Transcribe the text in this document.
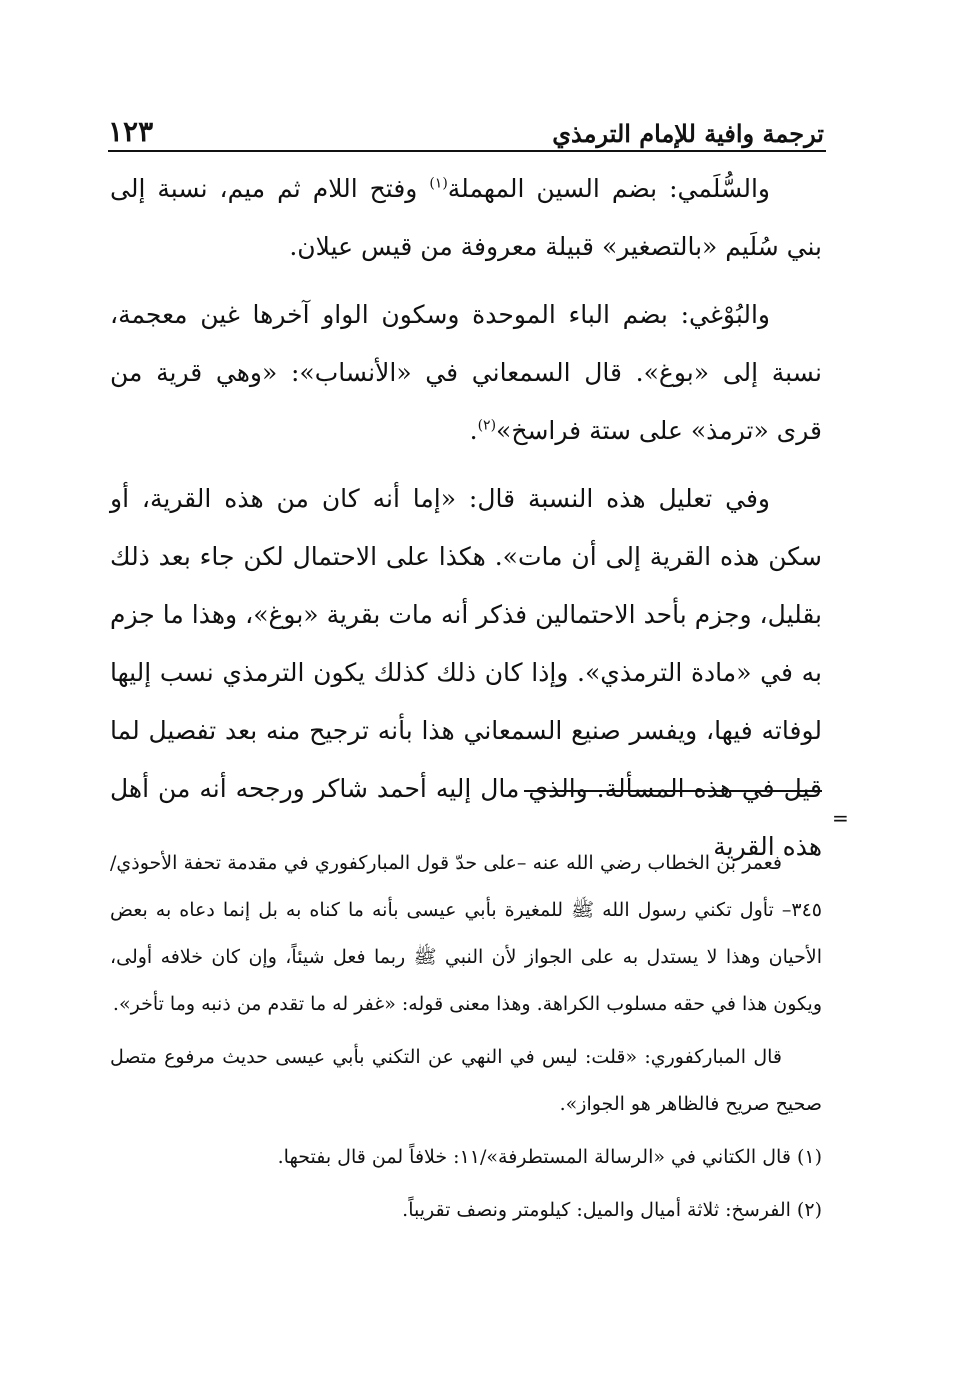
ترجمة وافية للإمام الترمذي
١٢٣

والسُّلَمي: بضم السين المهملة$^{(١)}$ وفتح اللام ثم ميم، نسبة إلى بني سُلَيم «بالتصغير» قبيلة معروفة من قيس عيلان.

والبُوْغي: بضم الباء الموحدة وسكون الواو آخرها غين معجمة، نسبة إلى «بوغ». قال السمعاني في «الأنساب»: «وهي قرية من قرى «ترمذ» على ستة فراسخ»$^{(٢)}$.

وفي تعليل هذه النسبة قال: «إما أنه كان من هذه القرية، أو سكن هذه القرية إلى أن مات». هكذا على الاحتمال لكن جاء بعد ذلك بقليل، وجزم بأحد الاحتمالين فذكر أنه مات بقرية «بوغ»، وهذا ما جزم به في «مادة الترمذي». وإذا كان ذلك كذلك يكون الترمذي نسب إليها لوفاته فيها، ويفسر صنيع السمعاني هذا بأنه ترجيح منه بعد تفصيل لما قيل في هذه المسألة. والذي مال إليه أحمد شاكر ورجحه أنه من أهل هذه القرية

=

فعمر بن الخطاب رضي الله عنه –على حدّ قول المباركفوري في مقدمة تحفة الأحوذي/٣٤٥– تأول تكني رسول الله ﷺ للمغيرة بأبي عيسى بأنه ما كناه به بل إنما دعاه به بعض الأحيان وهذا لا يستدل به على الجواز لأن النبي ﷺ ربما فعل شيئاً، وإن كان خلافه أولى، ويكون هذا في حقه مسلوب الكراهة. وهذا معنى قوله: «غفر له ما تقدم من ذنبه وما تأخر».

قال المباركفوري: «قلت: ليس في النهي عن التكني بأبي عيسى حديث مرفوع متصل صحيح صريح فالظاهر هو الجواز».

(١) قال الكتاني في «الرسالة المستطرفة»/١١: خلافاً لمن قال بفتحها.

(٢) الفرسخ: ثلاثة أميال والميل: كيلومتر ونصف تقريباً.
